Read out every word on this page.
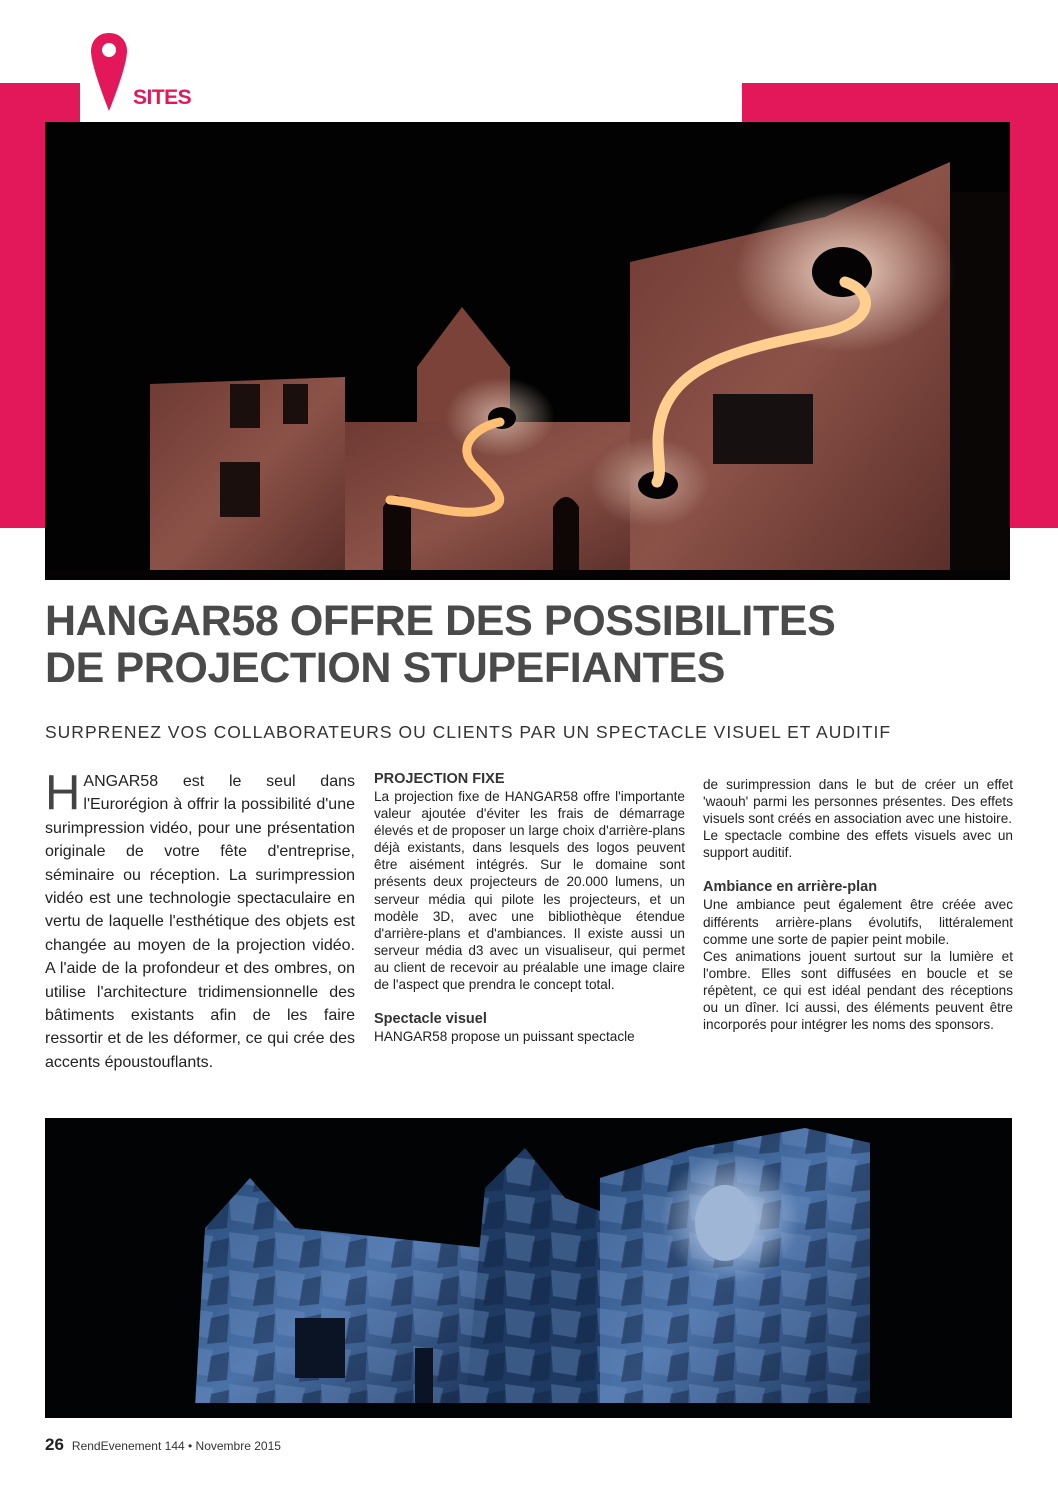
SITES
HANGAR58 OFFRE DES POSSIBILITES
DE PROJECTION STUPEFIANTES
SURPRENEZ VOS COLLABORATEURS OU CLIENTS PAR UN SPECTACLE VISUEL ET AUDITIF
H ANGAR58 est le seul dans l'Eurorégion à offrir la possibilité d'une surimpression vidéo, pour une présentation originale de votre fête d'entreprise, séminaire ou réception. La surimpression vidéo est une technologie spectaculaire en vertu de laquelle l'esthétique des objets est changée au moyen de la projection vidéo. A l'aide de la profondeur et des ombres, on utilise l'architecture tridimensionnelle des bâtiments existants afin de les faire ressortir et de les déformer, ce qui crée des accents époustouflants.

PROJECTION FIXE

La projection fixe de HANGAR58 offre l'importante valeur ajoutée d'éviter les frais de démarrage élevés et de proposer un large choix d'arrière-plans déjà existants, dans lesquels des logos peuvent être aisément intégrés. Sur le domaine sont présents deux projecteurs de 20.000 lumens, un serveur média qui pilote les projecteurs, et un modèle 3D, avec une bibliothèque étendue d'arrière-plans et d'ambiances. Il existe aussi un serveur média d3 avec un visualiseur, qui permet au client de recevoir au préalable une image claire de l'aspect que prendra le concept total.

Spectacle visuel

HANGAR58 propose un puissant spectacle

de surimpression dans le but de créer un effet 'waouh' parmi les personnes présentes. Des effets visuels sont créés en association avec une histoire.

Le spectacle combine des effets visuels avec un support auditif.

Ambiance en arrière-plan

Une ambiance peut également être créée avec différents arrière-plans évolutifs, littéralement comme une sorte de papier peint mobile.

Ces animations jouent surtout sur la lumière et l'ombre. Elles sont diffusées en boucle et se répètent, ce qui est idéal pendant des réceptions ou un dîner. Ici aussi, des éléments peuvent être incorporés pour intégrer les noms des sponsors.

26 RendEvenement 144 • Novembre 2015
